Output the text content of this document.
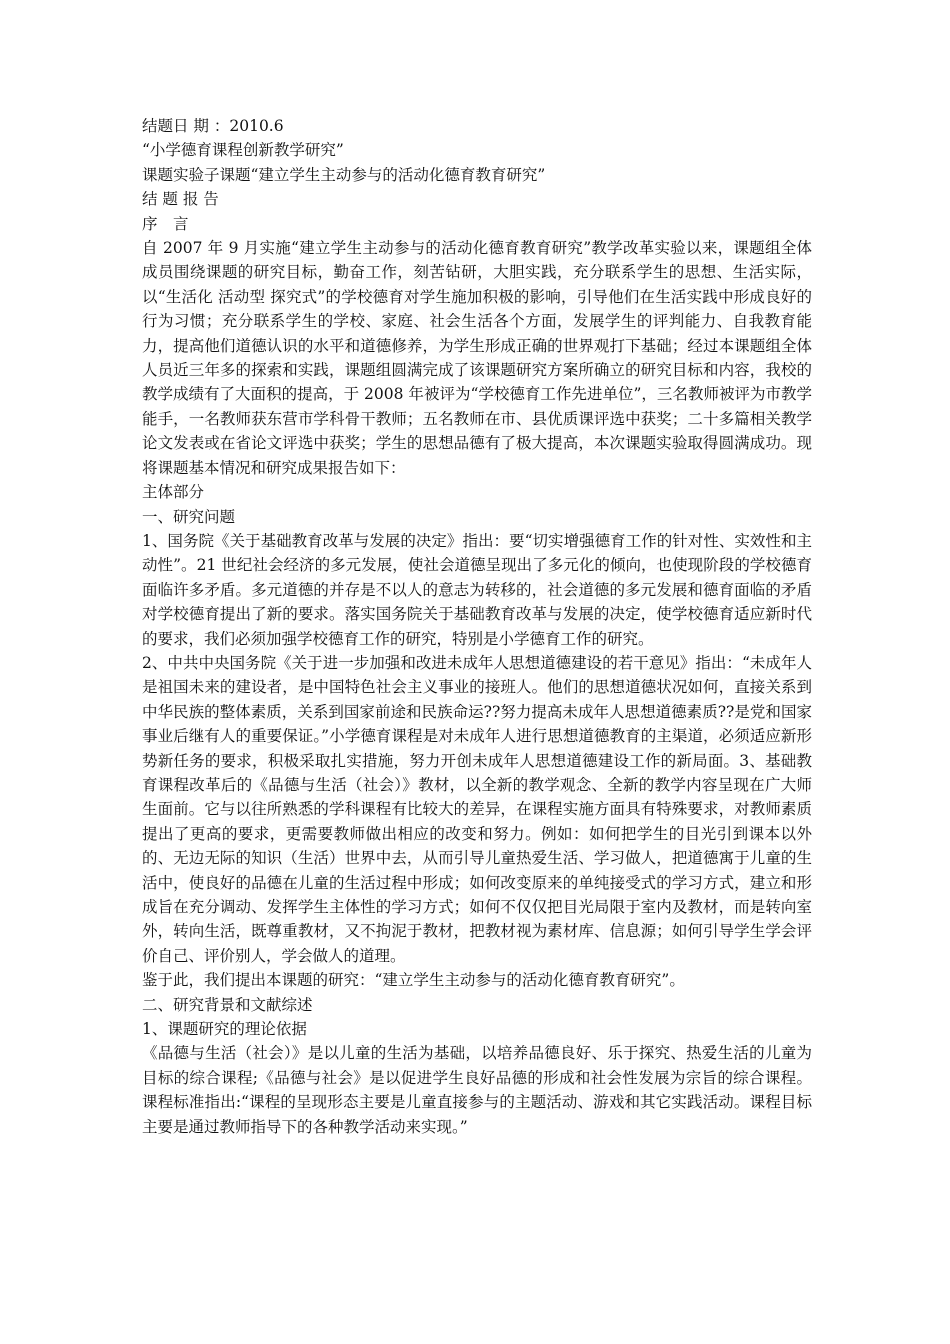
结题日 期 ：2010.6
“小学德育课程创新教学研究”
课题实验子课题“建立学生主动参与的活动化德育教育研究”
结 题 报 告
序　言
自 2007 年 9 月实施“建立学生主动参与的活动化德育教育研究”教学改革实验以来，课题组全体成员围绕课题的研究目标，勤奋工作，刻苦钻研，大胆实践，充分联系学生的思想、生活实际，以“生活化 活动型 探究式”的学校德育对学生施加积极的影响，引导他们在生活实践中形成良好的行为习惯；充分联系学生的学校、家庭、社会生活各个方面，发展学生的评判能力、自我教育能力，提高他们道德认识的水平和道德修养，为学生形成正确的世界观打下基础；经过本课题组全体人员近三年多的探索和实践，课题组圆满完成了该课题研究方案所确立的研究目标和内容，我校的教学成绩有了大面积的提高，于 2008 年被评为“学校德育工作先进单位”，三名教师被评为市教学能手，一名教师获东营市学科骨干教师；五名教师在市、县优质课评选中获奖；二十多篇相关教学论文发表或在省论文评选中获奖；学生的思想品德有了极大提高，本次课题实验取得圆满成功。现将课题基本情况和研究成果报告如下：
主体部分
一、研究问题
1、国务院《关于基础教育改革与发展的决定》指出：要“切实增强德育工作的针对性、实效性和主动性”。21 世纪社会经济的多元发展，使社会道德呈现出了多元化的倾向，也使现阶段的学校德育面临许多矛盾。多元道德的并存是不以人的意志为转移的，社会道德的多元发展和德育面临的矛盾对学校德育提出了新的要求。落实国务院关于基础教育改革与发展的决定，使学校德育适应新时代的要求，我们必须加强学校德育工作的研究，特别是小学德育工作的研究。
2、中共中央国务院《关于进一步加强和改进未成年人思想道德建设的若干意见》指出：“未成年人是祖国未来的建设者，是中国特色社会主义事业的接班人。他们的思想道德状况如何，直接关系到中华民族的整体素质，关系到国家前途和民族命运??努力提高未成年人思想道德素质??是党和国家事业后继有人的重要保证。”小学德育课程是对未成年人进行思想道德教育的主渠道，必须适应新形势新任务的要求，积极采取扎实措施，努力开创未成年人思想道德建设工作的新局面。3、基础教育课程改革后的《品德与生活（社会）》教材，以全新的教学观念、全新的教学内容呈现在广大师生面前。它与以往所熟悉的学科课程有比较大的差异，在课程实施方面具有特殊要求，对教师素质提出了更高的要求，更需要教师做出相应的改变和努力。例如：如何把学生的目光引到课本以外的、无边无际的知识（生活）世界中去，从而引导儿童热爱生活、学习做人，把道德寓于儿童的生活中，使良好的品德在儿童的生活过程中形成；如何改变原来的单纯接受式的学习方式，建立和形成旨在充分调动、发挥学生主体性的学习方式；如何不仅仅把目光局限于室内及教材，而是转向室外，转向生活，既尊重教材，又不拘泥于教材，把教材视为素材库、信息源；如何引导学生学会评价自己、评价别人，学会做人的道理。
鉴于此，我们提出本课题的研究：“建立学生主动参与的活动化德育教育研究”。
二、研究背景和文献综述
1、课题研究的理论依据
《品德与生活（社会）》是以儿童的生活为基础，以培养品德良好、乐于探究、热爱生活的儿童为目标的综合课程;《品德与社会》是以促进学生良好品德的形成和社会性发展为宗旨的综合课程。课程标准指出:“课程的呈现形态主要是儿童直接参与的主题活动、游戏和其它实践活动。课程目标主要是通过教师指导下的各种教学活动来实现。”
